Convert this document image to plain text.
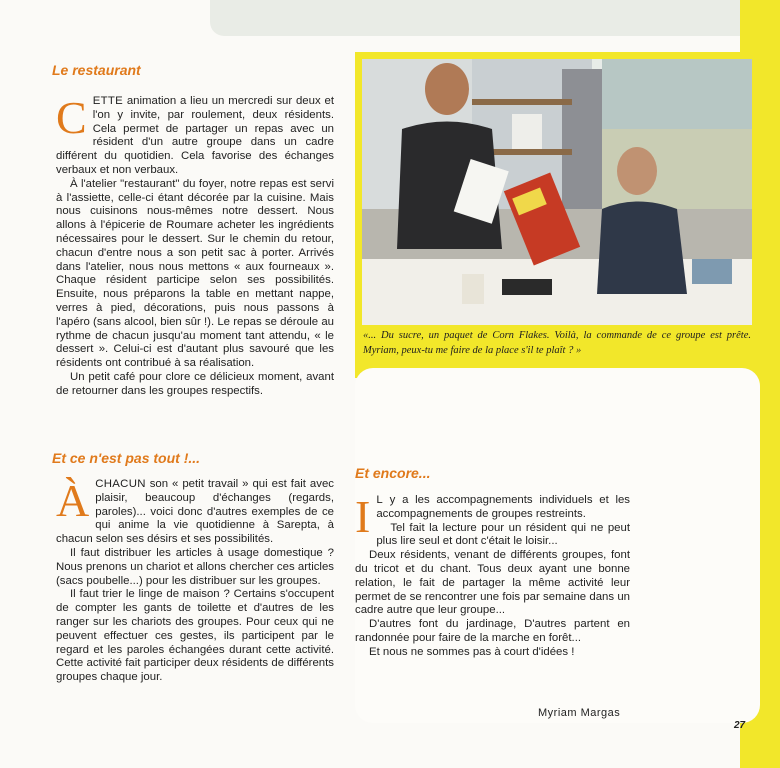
«... Du sucre, un paquet de Corn Flakes. Voilà, la commande de ce groupe est prête. Myriam, peux-tu me faire de la place s'il te plaît ? »
Le restaurant

CETTE animation a lieu un mercredi sur deux et l'on y invite, par roulement, deux résidents. Cela permet de partager un repas avec un résident d'un autre groupe dans un cadre différent du quotidien. Cela favorise des échanges verbaux et non verbaux.

À l'atelier "restaurant" du foyer, notre repas est servi à l'assiette, celle-ci étant décorée par la cuisine. Mais nous cuisinons nous-mêmes notre dessert. Nous allons à l'épicerie de Roumare acheter les ingrédients nécessaires pour le dessert. Sur le chemin du retour, chacun d'entre nous a son petit sac à porter. Arrivés dans l'atelier, nous nous mettons « aux fourneaux ». Chaque résident participe selon ses possibilités. Ensuite, nous préparons la table en mettant nappe, verres à pied, décorations, puis nous passons à l'apéro (sans alcool, bien sûr !). Le repas se déroule au rythme de chacun jusqu'au moment tant attendu, « le dessert ». Celui-ci est d'autant plus savouré que les résidents ont contribué à sa réalisation.

Un petit café pour clore ce délicieux moment, avant de retourner dans les groupes respectifs.

Et ce n'est pas tout !...

ÀCHACUN son « petit travail » qui est fait avec plaisir, beaucoup d'échanges (regards, paroles)... voici donc d'autres exemples de ce qui anime la vie quotidienne à Sarepta, à chacun selon ses désirs et ses possibilités.

Il faut distribuer les articles à usage domestique ? Nous prenons un chariot et allons chercher ces articles (sacs poubelle...) pour les distribuer sur les groupes.

Il faut trier le linge de maison ? Certains s'occupent de compter les gants de toilette et d'autres de les ranger sur les chariots des groupes. Pour ceux qui ne peuvent effectuer ces gestes, ils participent par le regard et les paroles échangées durant cette activité. Cette activité fait participer deux résidents de différents groupes chaque jour.

Et encore...

I L y a les accompagnements individuels et les accompagnements de groupes restreints.

Tel fait la lecture pour un résident qui ne peut plus lire seul et dont c'était le loisir...

Deux résidents, venant de différents groupes, font du tricot et du chant. Tous deux ayant une bonne relation, le fait de partager la même activité leur permet de se rencontrer une fois par semaine dans un cadre autre que leur groupe...

D'autres font du jardinage, D'autres partent en randonnée pour faire de la marche en forêt...

Et nous ne sommes pas à court d'idées !

Myriam Margas
27
